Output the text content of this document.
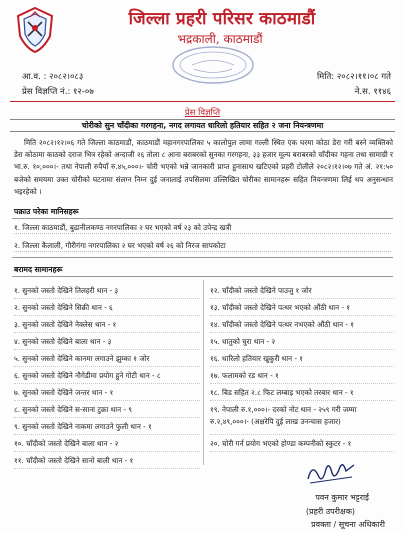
जिल्ला प्रहरी परिसर काठमाडौं
भद्रकाली, काठमाडौं
आ.व. : २०८२।०८३
प्रेस विज्ञप्ति नं.: १२-०७
मिति: २०८२।११।०८ गते
ने.स. ११४६
प्रेस विज्ञप्ति
चोरीको सुन चाँदीका गरगहना, नगद लगायत धारिलो हतियार सहित २ जना नियन्त्रणमा

मिति २०८२।१२।०६ गते जिल्ला काठमाडौं, काठमाडौं महानगरपालिका ५ कालोपुल लामा गल्ली स्थित एक घरमा कोठा डेरा गरी बस्ने व्यक्तिको डेरा कोठामा काठको दराज भित्र रहेको अन्दाजी २६ तोला ८ आना बराबरको सुनका गरगहना, ३३ हजार मूल्य बराबरको चाँदीका गहना तथा सामाग्री र भा.रु. १०,०००।- तथा नेपाली रुपैयाँ रु.४५,०००।- चोरी भएको भन्ने जानकारी प्राप्त हुनासाथ खटिएको प्रहरी टोलीले २०८२।१२।०७ गते अं. २१:५० बजेको समयमा उक्त चोरीको घटनामा संलग्न निम्न दुई जनालाई तपसिलमा उल्लिखित चोरीका सामानहरू सहित नियन्त्रणमा लिई थप अनुसन्धान भइरहेको ।

पक्राउ परेका मानिसहरू
१. जिल्ला काठमाडौं, बुढानीलकण्ठ नगरपालिका २ घर भएको वर्ष २३ को उपेन्द्र खत्री
२. जिल्ला कैलाली, गौरीगंगा नगरपालिका २ घर भएको वर्ष २६ को निरज सापकोटा
बरामद सामानहरू
१. सुनको जस्तो देखिने तिलहरी थान - ३
२. सुनको जस्तो देखिने सिक्री थान - ६
३. सुनको जस्तो देखिने नेक्लेस थान - १
४. सुनको जस्तो देखिने बाला थान - ३
५. सुनको जस्तो देखिने कानमा लगाउने झुम्का १ जोर
६. सुनको जस्तो देखिने नौगेडीमा प्रयोग हुने गोटी थान - ८
७. सुनको जस्तो देखिने जन्तर थान - १
८. सुनको जस्तो देखिने स-साना टुक्रा थान - ९
९. सुनको जस्तो देखिने नाकमा लगाउने फुली थान - १
१०. चाँदीको जस्तो देखिने बाला थान - २
११. चाँदीको जस्तो देखिने सानो बाली थान - १
१२. चाँदीको जस्तो देखिने पाउजु १ जोर
१३. चाँदीको जस्तो देखिने पत्थर भएको औंठी थान - १
१४. चाँदीको जस्तो देखिने पत्थर नभएको औंठी थान - १
१५. धातुको चुरा थान - २
१६. धारिलो हतियार खुकुरी थान - १
१७. फलामको रड थान - १
१८. बिड सहित २.८ फिट लम्बाइ भएको तरबार थान - १
१९. नेपाली रु.१,०००।- दरको नोट थान - २५९ गरी जम्मा रु.२,४९,०००।- (अक्षरेपि दुई लाख उनन्चास हजार)
२०. चोरी गर्न प्रयोग भएको होण्डा कम्पनीको स्कुटर - १
पवन कुमार भट्टराई
(प्रहरी उपरीक्षक)
प्रवक्ता / सूचना अधिकारी
